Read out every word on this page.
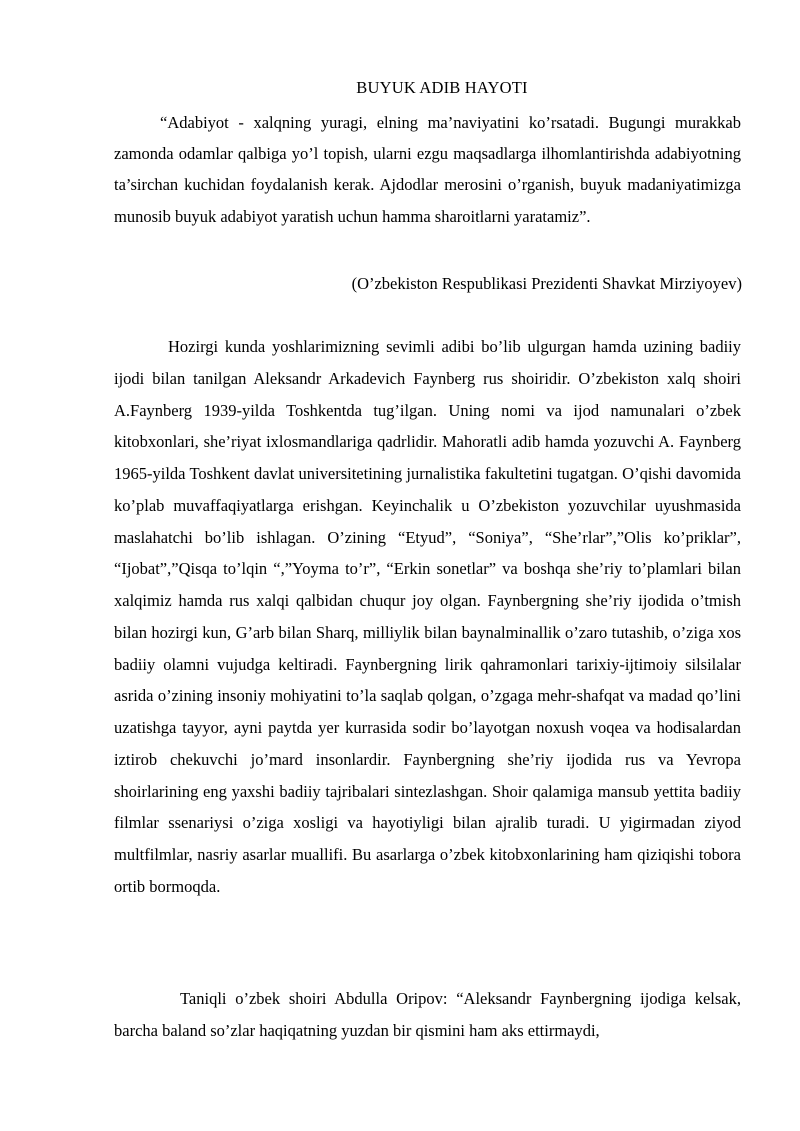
BUYUK ADIB HAYOTI

“Adabiyot - xalqning yuragi, elning ma’naviyatini ko’rsatadi. Bugungi murakkab zamonda odamlar qalbiga yo’l topish, ularni ezgu maqsadlarga ilhomlantirishda adabiyotning ta’sirchan kuchidan foydalanish kerak. Ajdodlar merosini o’rganish, buyuk madaniyatimizga munosib buyuk adabiyot yaratish uchun hamma sharoitlarni yaratamiz”.

(O’zbekiston Respublikasi Prezidenti Shavkat Mirziyoyev)

Hozirgi kunda yoshlarimizning sevimli adibi bo’lib ulgurgan hamda uzining badiiy ijodi bilan tanilgan Aleksandr Arkadevich Faynberg rus shoiridir. O’zbekiston xalq shoiri A.Faynberg 1939-yilda Toshkentda tug’ilgan. Uning nomi va ijod namunalari o’zbek kitobxonlari, she’riyat ixlosmandlariga qadrlidir. Mahoratli adib hamda yozuvchi A. Faynberg 1965-yilda Toshkent davlat universitetining jurnalistika fakultetini tugatgan. O’qishi davomida ko’plab muvaffaqiyatlarga erishgan. Keyinchalik u O’zbekiston yozuvchilar uyushmasida maslahatchi bo’lib ishlagan. O’zining “Etyud”, “Soniya”, “She’rlar”,”Olis ko’priklar”, “Ijobat”,”Qisqa to’lqin “,”Yoyma to’r”, “Erkin sonetlar” va boshqa she’riy to’plamlari bilan xalqimiz hamda rus xalqi qalbidan chuqur joy olgan. Faynbergning she’riy ijodida o’tmish bilan hozirgi kun, G’arb bilan Sharq, milliylik bilan baynalminallik o’zaro tutashib, o’ziga xos badiiy olamni vujudga keltiradi. Faynbergning lirik qahramonlari tarixiy-ijtimoiy silsilalar asrida o’zining insoniy mohiyatini to’la saqlab qolgan, o’zgaga mehr-shafqat va madad qo’lini uzatishga tayyor, ayni paytda yer kurrasida sodir bo’layotgan noxush voqea va hodisalardan iztirob chekuvchi jo’mard insonlardir. Faynbergning she’riy ijodida rus va Yevropa shoirlarining eng yaxshi badiiy tajribalari sintezlashgan. Shoir qalamiga mansub yettita badiiy filmlar ssenariysi o’ziga xosligi va hayotiyligi bilan ajralib turadi. U yigirmadan ziyod multfilmlar, nasriy asarlar muallifi. Bu asarlarga o’zbek kitobxonlarining ham qiziqishi tobora ortib bormoqda.

Taniqli o’zbek shoiri Abdulla Oripov: “Aleksandr Faynbergning ijodiga kelsak, barcha baland so’zlar haqiqatning yuzdan bir qismini ham aks ettirmaydi,
